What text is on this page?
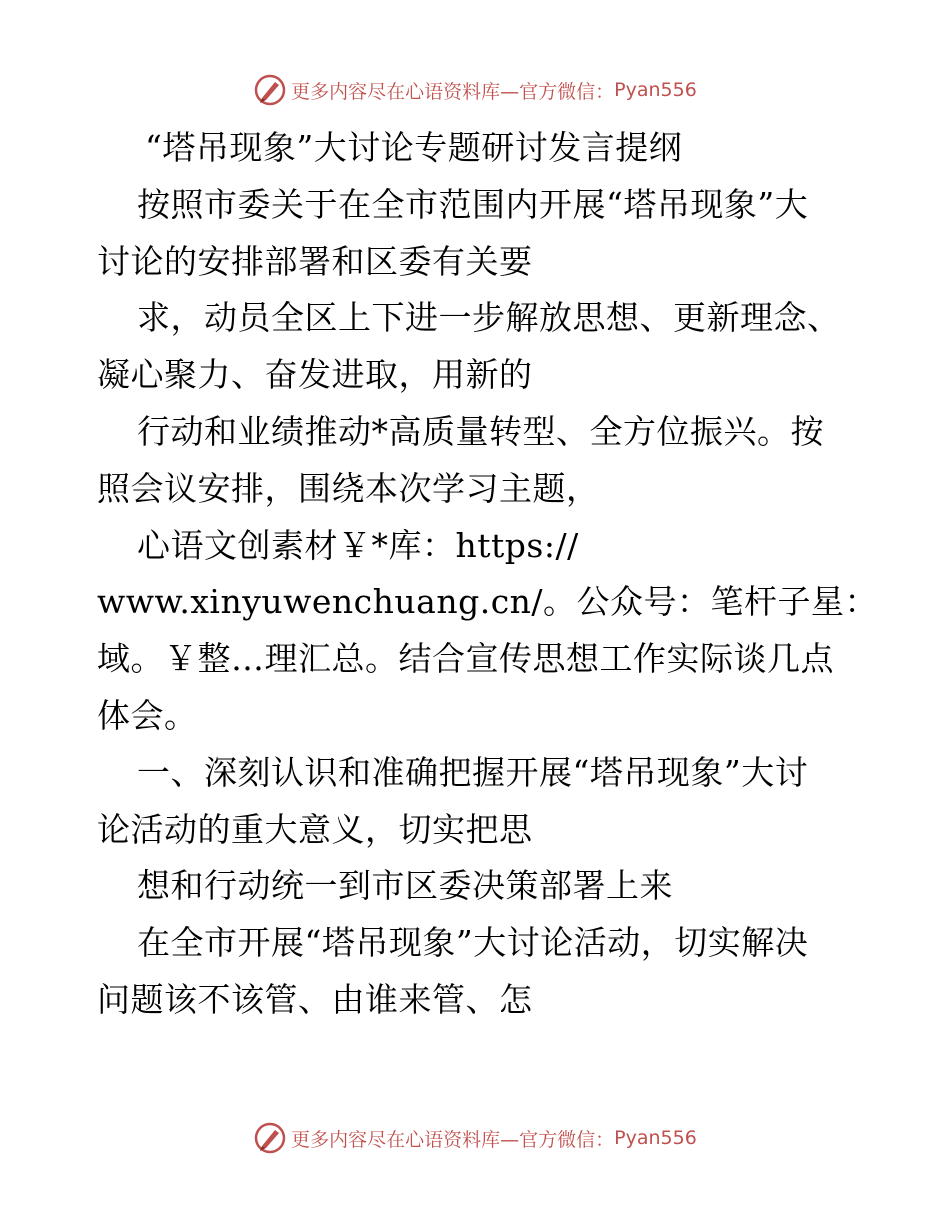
更多内容尽在心语资料库—官方微信： Pyan556

“塔吊现象”大讨论专题研讨发言提纲

按照市委关于在全市范围内开展“塔吊现象”大

讨论的安排部署和区委有关要

求，动员全区上下进一步解放思想、更新理念、

凝心聚力、奋发进取，用新的

行动和业绩推动*高质量转型、全方位振兴。按

照会议安排，围绕本次学习主题，

心语文创素材￥*库：https://

www.xinyuwenchuang.cn/。公众号：笔杆子星：

域。￥整…理汇总。结合宣传思想工作实际谈几点

体会。

一、深刻认识和准确把握开展“塔吊现象”大讨

论活动的重大意义，切实把思

想和行动统一到市区委决策部署上来

在全市开展“塔吊现象”大讨论活动，切实解决

问题该不该管、由谁来管、怎

更多内容尽在心语资料库—官方微信： Pyan556
